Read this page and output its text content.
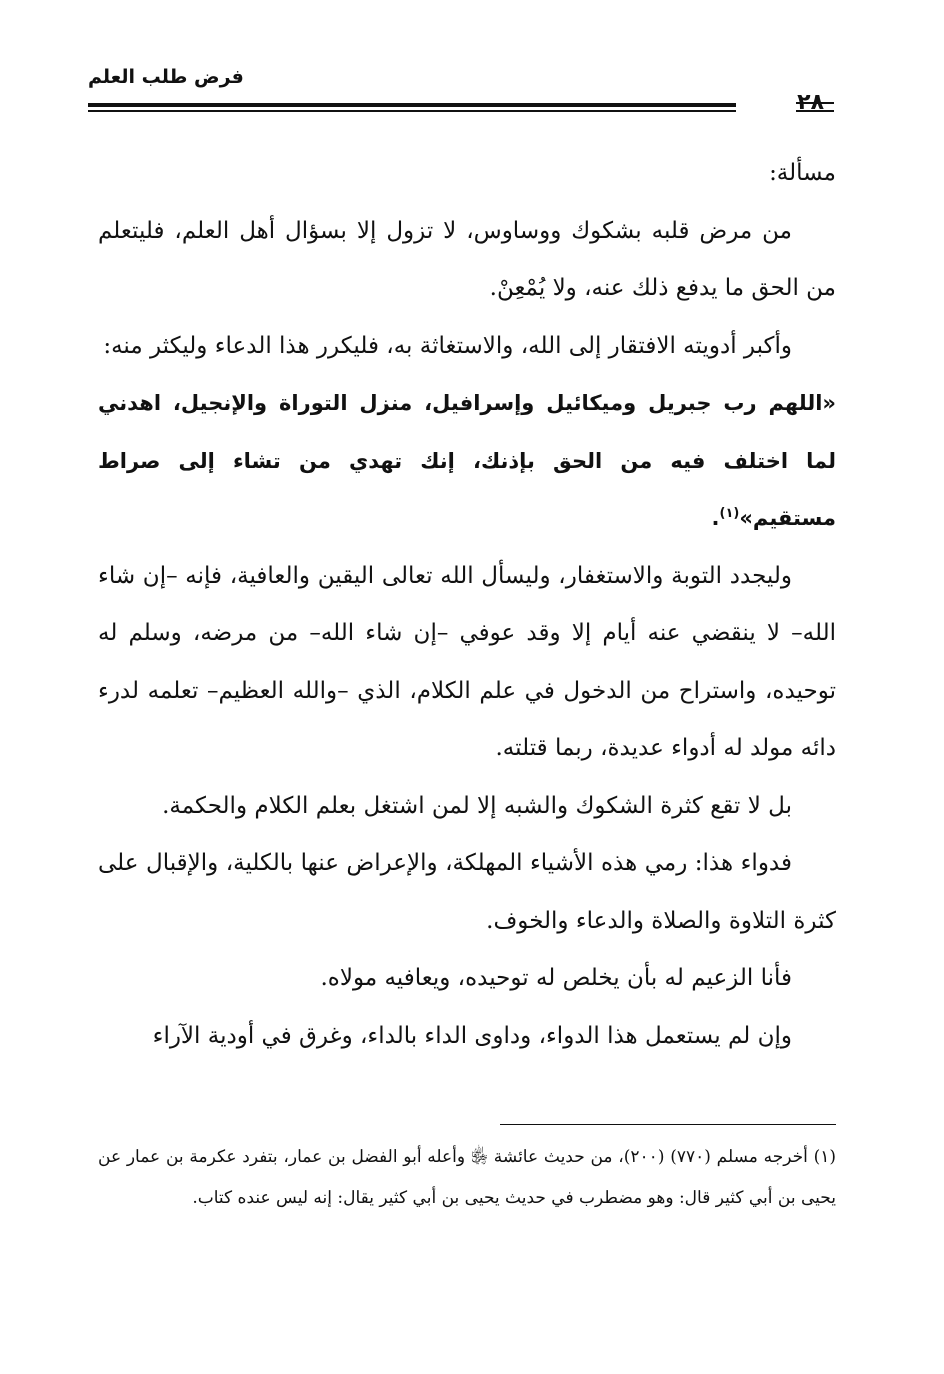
فرض طلب العلم
٢٨

مسألة:

من مرض قلبه بشكوك ووساوس، لا تزول إلا بسؤال أهل العلم، فليتعلم من الحق ما يدفع ذلك عنه، ولا يُمْعِنْ.

وأكبر أدويته الافتقار إلى الله، والاستغاثة به، فليكرر هذا الدعاء وليكثر منه:

«اللهم رب جبريل وميكائيل وإسرافيل، منزل التوراة والإنجيل، اهدني لما اختلف فيه من الحق بإذنك، إنك تهدي من تشاء إلى صراط مستقيم»$^{(١)}$.

وليجدد التوبة والاستغفار، وليسأل الله تعالى اليقين والعافية، فإنه –إن شاء الله– لا ينقضي عنه أيام إلا وقد عوفي –إن شاء الله– من مرضه، وسلم له توحيده، واستراح من الدخول في علم الكلام، الذي –والله العظيم– تعلمه لدرء دائه مولد له أدواء عديدة، ربما قتلته.

بل لا تقع كثرة الشكوك والشبه إلا لمن اشتغل بعلم الكلام والحكمة.

فدواء هذا: رمي هذه الأشياء المهلكة، والإعراض عنها بالكلية، والإقبال على كثرة التلاوة والصلاة والدعاء والخوف.

فأنا الزعيم له بأن يخلص له توحيده، ويعافيه مولاه.

وإن لم يستعمل هذا الدواء، وداوى الداء بالداء، وغرق في أودية الآراء

(١) أخرجه مسلم (٧٧٠) (٢٠٠)، من حديث عائشة ﵂ وأعله أبو الفضل بن عمار، بتفرد عكرمة بن عمار عن يحيى بن أبي كثير قال: وهو مضطرب في حديث يحيى بن أبي كثير يقال: إنه ليس عنده كتاب.
